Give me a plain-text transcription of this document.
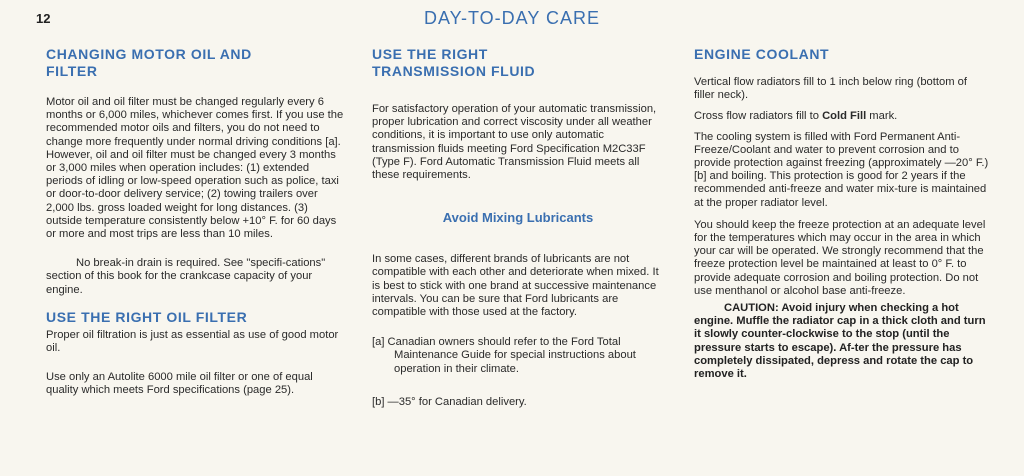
12	DAY-TO-DAY CARE
CHANGING MOTOR OIL AND
FILTER

Motor oil and oil filter must be changed regularly every 6 months or 6,000 miles, whichever comes first. If you use the recommended motor oils and filters, you do not need to change more frequently under normal driving conditions [a]. However, oil and oil filter must be changed every 3 months or 3,000 miles when operation includes: (1) extended periods of idling or low-speed operation such as police, taxi or door-to-door delivery service; (2) towing trailers over 2,000 lbs. gross loaded weight for long distances. (3) outside temperature consistently below +10° F. for 60 days or more and most trips are less than 10 miles.

No break-in drain is required. See "specifi-cations" section of this book for the crankcase capacity of your engine.

USE THE RIGHT OIL FILTER

Proper oil filtration is just as essential as use of good motor oil.

Use only an Autolite 6000 mile oil filter or one of equal quality which meets Ford specifications (page 25).

USE THE RIGHT
TRANSMISSION FLUID

For satisfactory operation of your automatic transmission, proper lubrication and correct viscosity under all weather conditions, it is important to use only automatic transmission fluids meeting Ford Specification M2C33F (Type F). Ford Automatic Transmission Fluid meets all these requirements.

Avoid Mixing Lubricants

In some cases, different brands of lubricants are not compatible with each other and deteriorate when mixed. It is best to stick with one brand at successive maintenance intervals. You can be sure that Ford lubricants are compatible with those used at the factory.

[a] Canadian owners should refer to the Ford Total Maintenance Guide for special instructions about operation in their climate.

[b] —35° for Canadian delivery.

ENGINE COOLANT

Vertical flow radiators fill to 1 inch below ring (bottom of filler neck).

Cross flow radiators fill to Cold Fill mark.

The cooling system is filled with Ford Permanent Anti-Freeze/Coolant and water to prevent corrosion and to provide protection against freezing (approximately —20° F.) [b] and boiling. This protection is good for 2 years if the recommended anti-freeze and water mix-ture is maintained at the proper radiator level.

You should keep the freeze protection at an adequate level for the temperatures which may occur in the area in which your car will be operated. We strongly recommend that the freeze protection level be maintained at least to 0° F. to provide adequate corrosion and boiling protection. Do not use menthanol or alcohol base anti-freeze.

CAUTION: Avoid injury when checking a hot engine. Muffle the radiator cap in a thick cloth and turn it slowly counter-clockwise to the stop (until the pressure starts to escape). Af-ter the pressure has completely dissipated, depress and rotate the cap to remove it.
